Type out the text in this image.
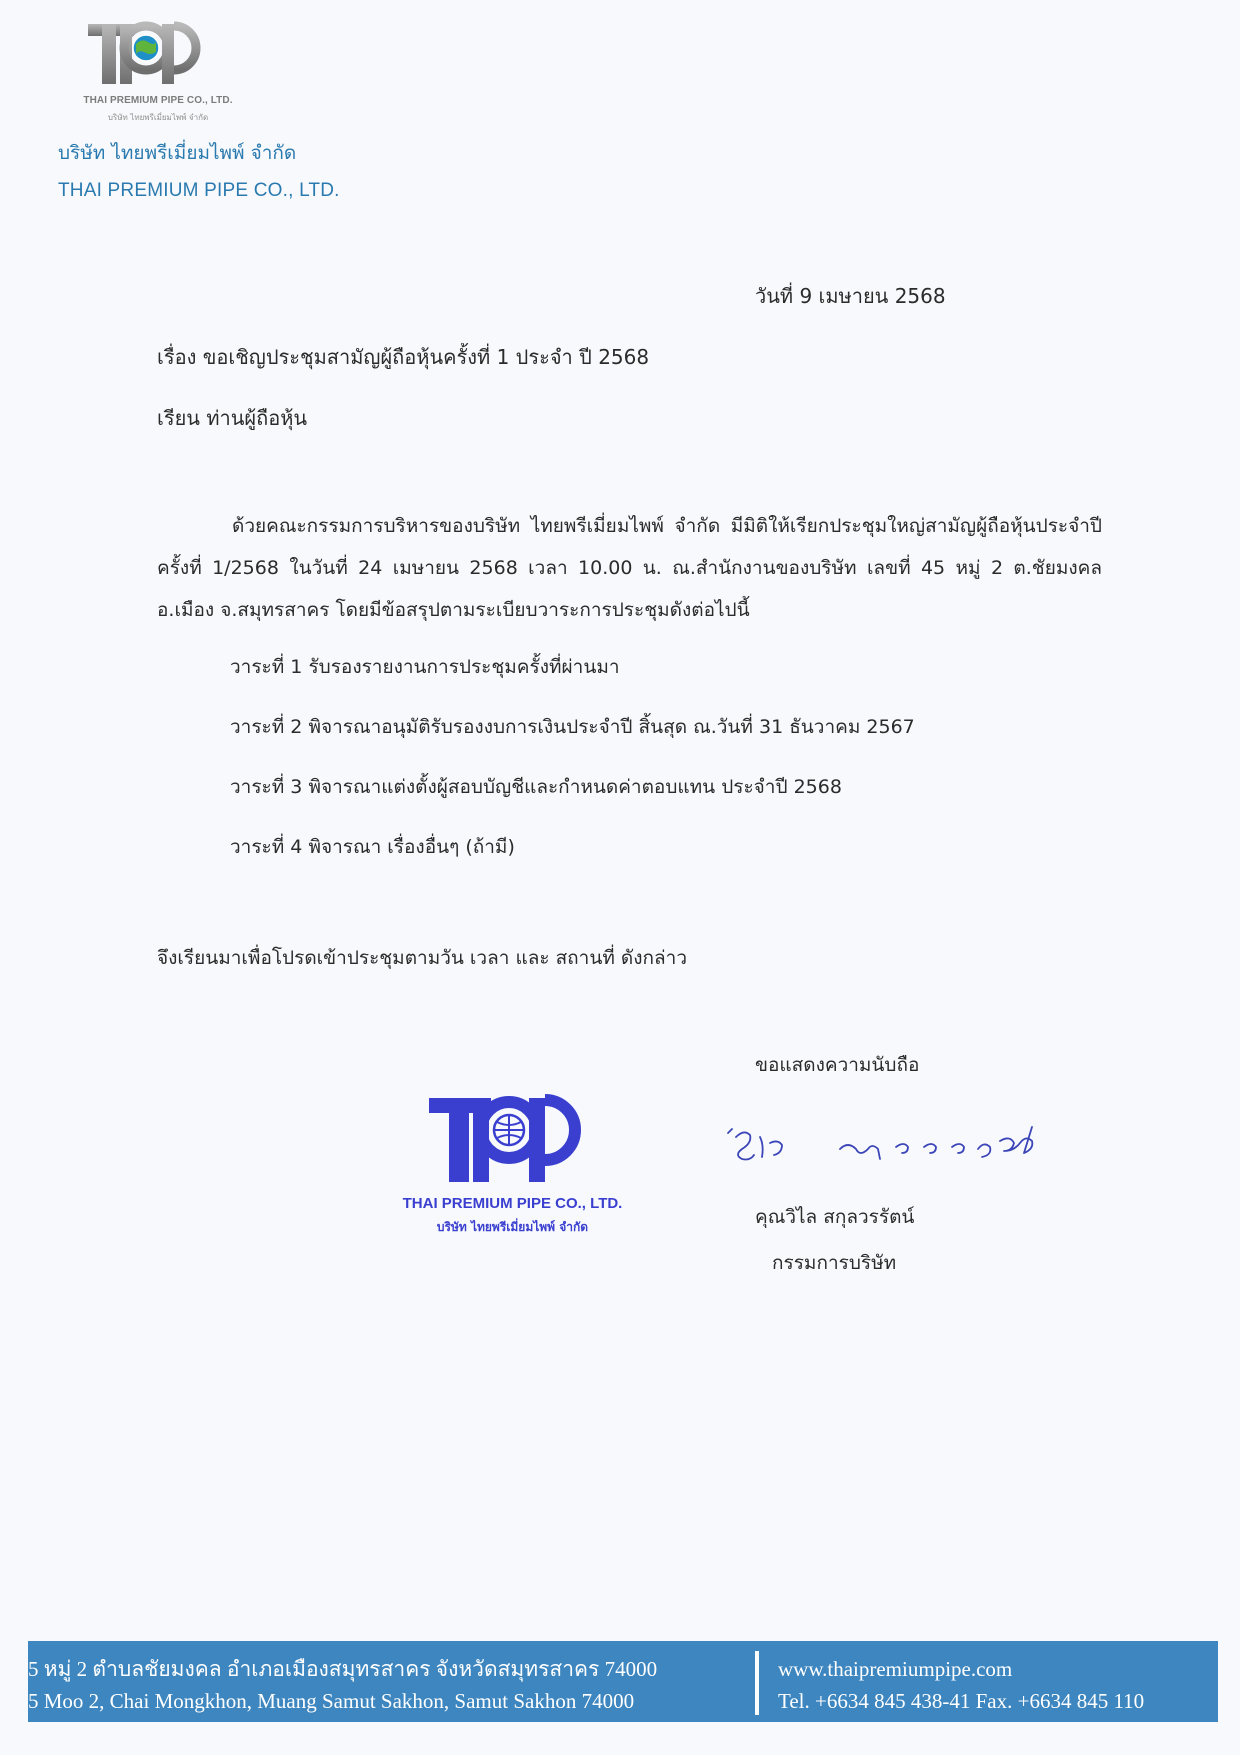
THAI PREMIUM PIPE CO., LTD.
บริษัท ไทยพรีเมี่ยมไพพ์ จำกัด
บริษัท ไทยพรีเมี่ยมไพพ์ จำกัด
THAI PREMIUM PIPE CO., LTD.
วันที่ 9 เมษายน 2568
เรื่อง ขอเชิญประชุมสามัญผู้ถือหุ้นครั้งที่ 1 ประจำ ปี 2568
เรียน ท่านผู้ถือหุ้น

ด้วยคณะกรรมการบริหารของบริษัท ไทยพรีเมี่ยมไพพ์ จำกัด มีมิติให้เรียกประชุมใหญ่สามัญผู้ถือหุ้นประจำปี ครั้งที่ 1/2568 ในวันที่ 24 เมษายน 2568 เวลา 10.00 น. ณ.สำนักงานของบริษัท เลขที่ 45 หมู่ 2 ต.ชัยมงคล อ.เมือง จ.สมุทรสาคร โดยมีข้อสรุปตามระเบียบวาระการประชุมดังต่อไปนี้

วาระที่ 1 รับรองรายงานการประชุมครั้งที่ผ่านมา
วาระที่ 2 พิจารณาอนุมัติรับรองงบการเงินประจำปี สิ้นสุด ณ.วันที่ 31 ธันวาคม 2567
วาระที่ 3 พิจารณาแต่งตั้งผู้สอบบัญชีและกำหนดค่าตอบแทน ประจำปี 2568
วาระที่ 4 พิจารณา เรื่องอื่นๆ (ถ้ามี)
จึงเรียนมาเพื่อโปรดเข้าประชุมตามวัน เวลา และ สถานที่ ดังกล่าว
ขอแสดงความนับถือ
THAI PREMIUM PIPE CO., LTD.
บริษัท ไทยพรีเมี่ยมไพพ์ จำกัด	คุณวิไล สกุลวรรัตน์
กรรมการบริษัท
5 หมู่ 2 ตำบลชัยมงคล อำเภอเมืองสมุทรสาคร จังหวัดสมุทรสาคร 74000
5 Moo 2, Chai Mongkhon, Muang Samut Sakhon, Samut Sakhon 74000
www.thaipremiumpipe.com
Tel. +6634 845 438-41 Fax. +6634 845 110
